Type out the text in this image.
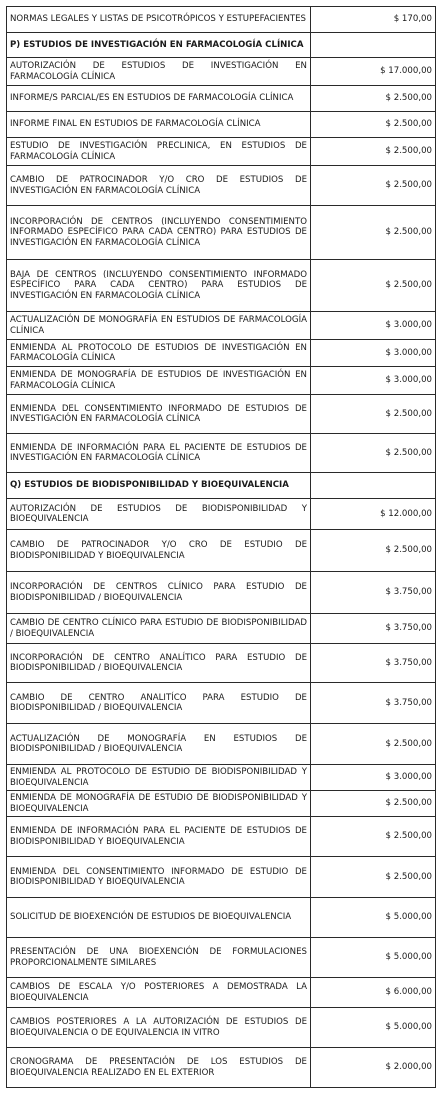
NORMAS LEGALES Y LISTAS DE PSICOTRÓPICOS Y ESTUPEFACIENTES	$ 170,00
P) ESTUDIOS DE INVESTIGACIÓN EN FARMACOLOGÍA CLÍNICA	
AUTORIZACIÓN DE ESTUDIOS DE INVESTIGACIÓN EN FARMACOLOGÍA CLÍNICA	$ 17.000,00
INFORME/S PARCIAL/ES EN ESTUDIOS DE FARMACOLOGÍA CLÍNICA	$ 2.500,00
INFORME FINAL EN ESTUDIOS DE FARMACOLOGÍA CLÍNICA	$ 2.500,00
ESTUDIO DE INVESTIGACIÓN PRECLINICA, EN ESTUDIOS DE FARMACOLOGÍA CLÍNICA	$ 2.500,00
CAMBIO DE PATROCINADOR Y/O CRO DE ESTUDIOS DE INVESTIGACIÓN EN FARMACOLOGÍA CLÍNICA	$ 2.500,00
INCORPORACIÓN DE CENTROS (INCLUYENDO CONSENTIMIENTO INFORMADO ESPECÍFICO PARA CADA CENTRO) PARA ESTUDIOS DE INVESTIGACIÓN EN FARMACOLOGÍA CLÍNICA	$ 2.500,00
BAJA DE CENTROS (INCLUYENDO CONSENTIMIENTO INFORMADO ESPECÍFICO PARA CADA CENTRO) PARA ESTUDIOS DE INVESTIGACIÓN EN FARMACOLOGÍA CLÍNICA	$ 2.500,00
ACTUALIZACIÓN DE MONOGRAFÍA EN ESTUDIOS DE FARMACOLOGÍA CLÍNICA	$ 3.000,00
ENMIENDA AL PROTOCOLO DE ESTUDIOS DE INVESTIGACIÓN EN FARMACOLOGÍA CLÍNICA	$ 3.000,00
ENMIENDA DE MONOGRAFÍA DE ESTUDIOS DE INVESTIGACIÓN EN FARMACOLOGÍA CLÍNICA	$ 3.000,00
ENMIENDA DEL CONSENTIMIENTO INFORMADO DE ESTUDIOS DE INVESTIGACIÓN EN FARMACOLOGÍA CLÍNICA	$ 2.500,00
ENMIENDA DE INFORMACIÓN PARA EL PACIENTE DE ESTUDIOS DE INVESTIGACIÓN EN FARMACOLOGÍA CLÍNICA	$ 2.500,00
Q) ESTUDIOS DE BIODISPONIBILIDAD Y BIOEQUIVALENCIA	
AUTORIZACIÓN DE ESTUDIOS DE BIODISPONIBILIDAD Y BIOEQUIVALENCIA	$ 12.000,00
CAMBIO DE PATROCINADOR Y/O CRO DE ESTUDIO DE BIODISPONIBILIDAD Y BIOEQUIVALENCIA	$ 2.500,00
INCORPORACIÓN DE CENTROS CLÍNICO PARA ESTUDIO DE BIODISPONIBILIDAD / BIOEQUIVALENCIA	$ 3.750,00
CAMBIO DE CENTRO CLÍNICO PARA ESTUDIO DE BIODISPONIBILIDAD / BIOEQUIVALENCIA	$ 3.750,00
INCORPORACIÓN DE CENTRO ANALÍTICO PARA ESTUDIO DE BIODISPONIBILIDAD / BIOEQUIVALENCIA	$ 3.750,00
CAMBIO DE CENTRO ANALITÍCO PARA ESTUDIO DE BIODISPONIBILIDAD / BIOEQUIVALENCIA	$ 3.750,00
ACTUALIZACIÓN DE MONOGRAFÍA EN ESTUDIOS DE BIODISPONIBILIDAD / BIOEQUIVALENCIA	$ 2.500,00
ENMIENDA AL PROTOCOLO DE ESTUDIO DE BIODISPONIBILIDAD Y BIOEQUIVALENCIA	$ 3.000,00
ENMIENDA DE MONOGRAFÍA DE ESTUDIO DE BIODISPONIBILIDAD Y BIOEQUIVALENCIA	$ 2.500,00
ENMIENDA DE INFORMACIÓN PARA EL PACIENTE DE ESTUDIOS DE BIODISPONIBILIDAD Y BIOEQUIVALENCIA	$ 2.500,00
ENMIENDA DEL CONSENTIMIENTO INFORMADO DE ESTUDIO DE BIODISPONIBILIDAD Y BIOEQUIVALENCIA	$ 2.500,00
SOLICITUD DE BIOEXENCIÓN DE ESTUDIOS DE BIOEQUIVALENCIA	$ 5.000,00
PRESENTACIÓN DE UNA BIOEXENCIÓN DE FORMULACIONES PROPORCIONALMENTE SIMILARES	$ 5.000,00
CAMBIOS DE ESCALA Y/O POSTERIORES A DEMOSTRADA LA BIOEQUIVALENCIA	$ 6.000,00
CAMBIOS POSTERIORES A LA AUTORIZACIÓN DE ESTUDIOS DE BIOEQUIVALENCIA O DE EQUIVALENCIA IN VITRO	$ 5.000,00
CRONOGRAMA DE PRESENTACIÓN DE LOS ESTUDIOS DE BIOEQUIVALENCIA REALIZADO EN EL EXTERIOR	$ 2.000,00
